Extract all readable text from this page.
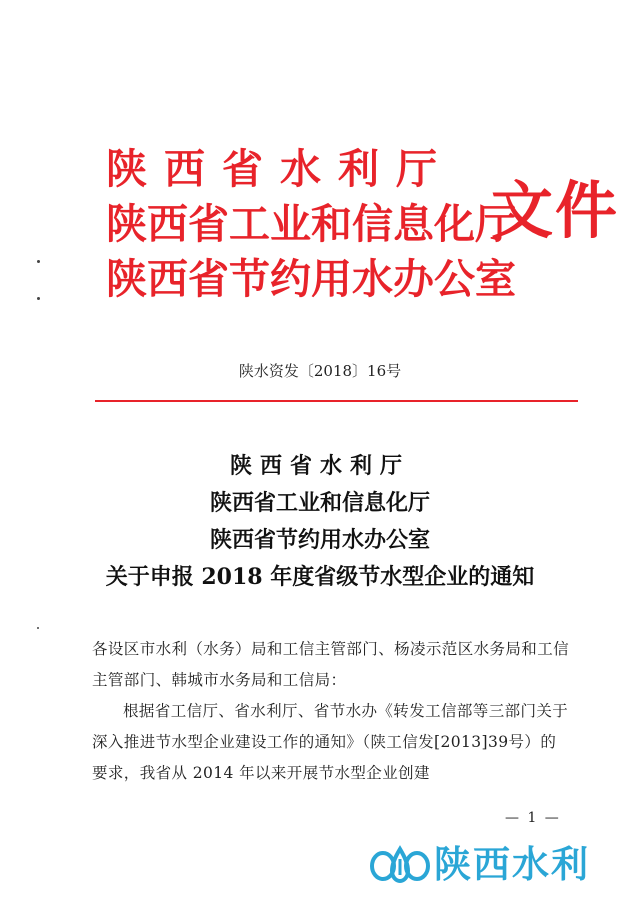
陕西省水利厅
陕西省工业和信息化厅
陕西省节约用水办公室
文件
陕水资发〔2018〕16号
陕西省水利厅
陕西省工业和信息化厅
陕西省节约用水办公室
关于申报 2018 年度省级节水型企业的通知

各设区市水利（水务）局和工信主管部门、杨凌示范区水务局和工信主管部门、韩城市水务局和工信局：

根据省工信厅、省水利厅、省节水办《转发工信部等三部门关于深入推进节水型企业建设工作的通知》（陕工信发[2013]39号）的要求，我省从 2014 年以来开展节水型企业创建

— 1 —
陕西水利
